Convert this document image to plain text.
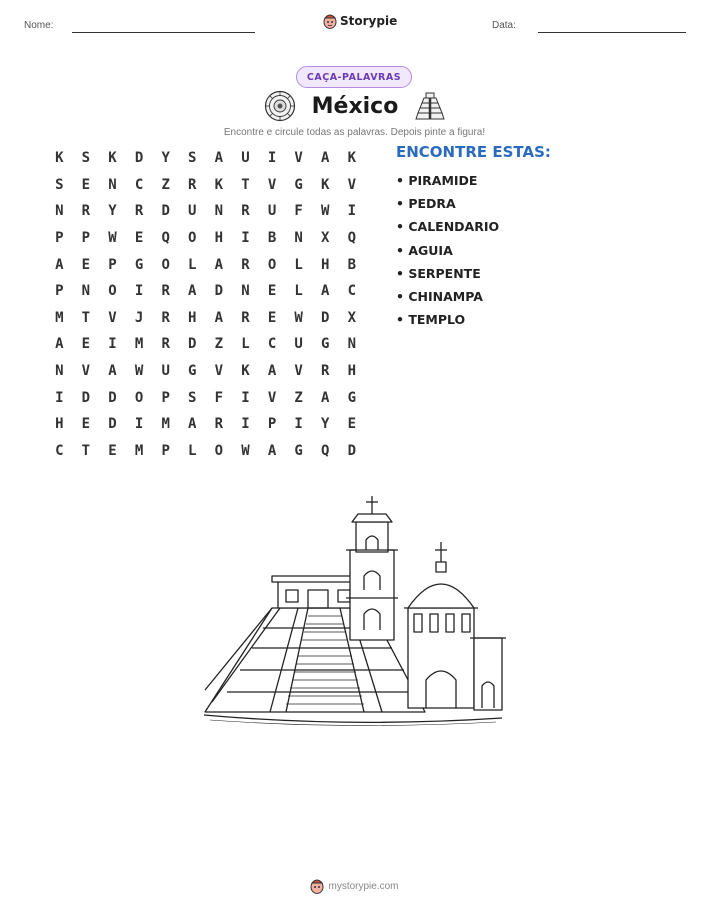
Nome:	Storypie	Data:
CAÇA-PALAVRAS
México
Encontre e circule todas as palavras. Depois pinte a figura!
K	S	K	D	Y	S	A	U	I	V	A	K
S	E	N	C	Z	R	K	T	V	G	K	V
N	R	Y	R	D	U	N	R	U	F	W	I
P	P	W	E	Q	O	H	I	B	N	X	Q
A	E	P	G	O	L	A	R	O	L	H	B
P	N	O	I	R	A	D	N	E	L	A	C
M	T	V	J	R	H	A	R	E	W	D	X
A	E	I	M	R	D	Z	L	C	U	G	N
N	V	A	W	U	G	V	K	A	V	R	H
I	D	D	O	P	S	F	I	V	Z	A	G
H	E	D	I	M	A	R	I	P	I	Y	E
C	T	E	M	P	L	O	W	A	G	Q	D
ENCONTRE ESTAS:
• PIRAMIDE
• PEDRA
• CALENDARIO
• AGUIA
• SERPENTE
• CHINAMPA
• TEMPLO
mystorypie.com
